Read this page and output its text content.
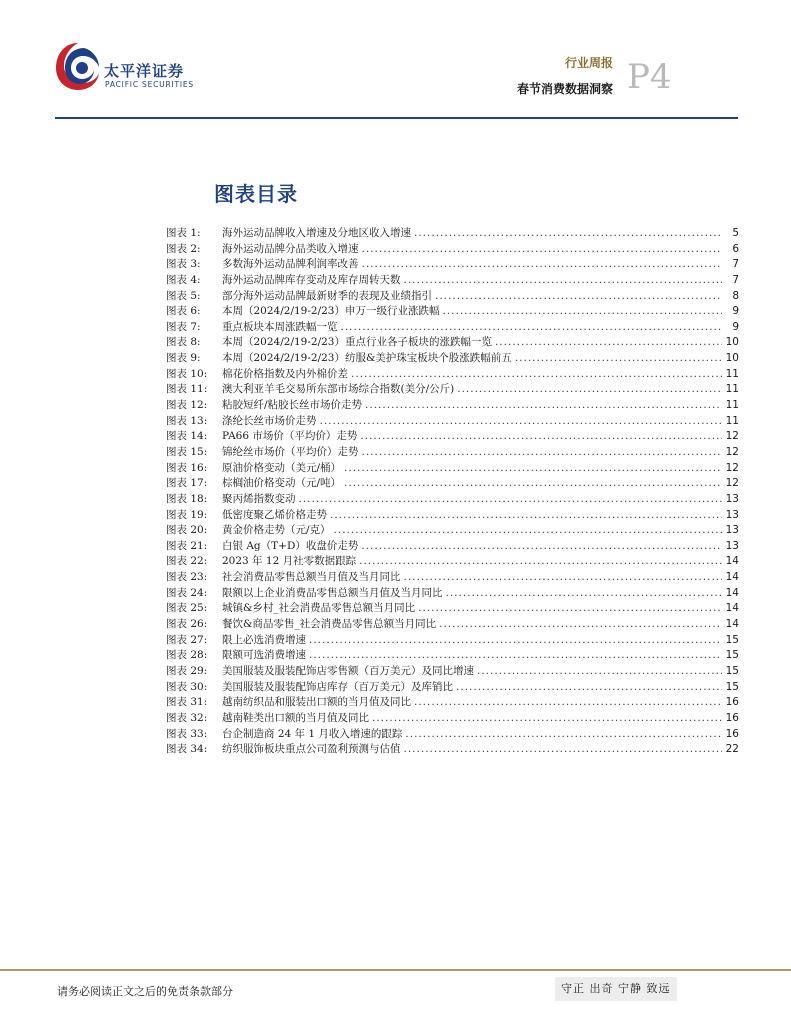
太平洋证券
PACIFIC SECURITIES
行业周报
春节消费数据洞察 P4
图表目录
图表 1:	海外运动品牌收入增速及分地区收入增速 .....	5
图表 2:	海外运动品牌分品类收入增速 .....	6
图表 3:	多数海外运动品牌利润率改善 .....	7
图表 4:	海外运动品牌库存变动及库存周转天数 .....	7
图表 5:	部分海外运动品牌最新财季的表现及业绩指引 .....	8
图表 6:	本周（2024/2/19-2/23）申万一级行业涨跌幅 .....	9
图表 7:	重点板块本周涨跌幅一览 .....	9
图表 8:	本周（2024/2/19-2/23）重点行业各子板块的涨跌幅一览 .....	10
图表 9:	本周（2024/2/19-2/23）纺服&美护珠宝板块个股涨跌幅前五 .....	10
图表 10:	棉花价格指数及内外棉价差 .....	11
图表 11:	澳大利亚羊毛交易所东部市场综合指数(美分/公斤) .....	11
图表 12:	粘胶短纤/粘胶长丝市场价走势 .....	11
图表 13:	涤纶长丝市场价走势 .....	11
图表 14:	PA66 市场价（平均价）走势 .....	12
图表 15:	锦纶丝市场价（平均价）走势 .....	12
图表 16:	原油价格变动（美元/桶） .....	12
图表 17:	棕榈油价格变动（元/吨） .....	12
图表 18:	聚丙烯指数变动 .....	13
图表 19:	低密度聚乙烯价格走势 .....	13
图表 20:	黄金价格走势（元/克） .....	13
图表 21:	白银 Ag（T+D）收盘价走势 .....	13
图表 22:	2023 年 12 月社零数据跟踪 .....	14
图表 23:	社会消费品零售总额当月值及当月同比 .....	14
图表 24:	限额以上企业消费品零售总额当月值及当月同比 .....	14
图表 25:	城镇&乡村_社会消费品零售总额当月同比 .....	14
图表 26:	餐饮&商品零售_社会消费品零售总额当月同比 .....	14
图表 27:	限上必选消费增速 .....	15
图表 28:	限额可选消费增速 .....	15
图表 29:	美国服装及服装配饰店零售额（百万美元）及同比增速 .....	15
图表 30:	美国服装及服装配饰店库存（百万美元）及库销比 .....	15
图表 31:	越南纺织品和服装出口额的当月值及同比 .....	16
图表 32:	越南鞋类出口额的当月值及同比 .....	16
图表 33:	台企制造商 24 年 1 月收入增速的跟踪 .....	16
图表 34:	纺织服饰板块重点公司盈利预测与估值 .....	22
请务必阅读正文之后的免责条款部分	守正 出奇 宁静 致远
